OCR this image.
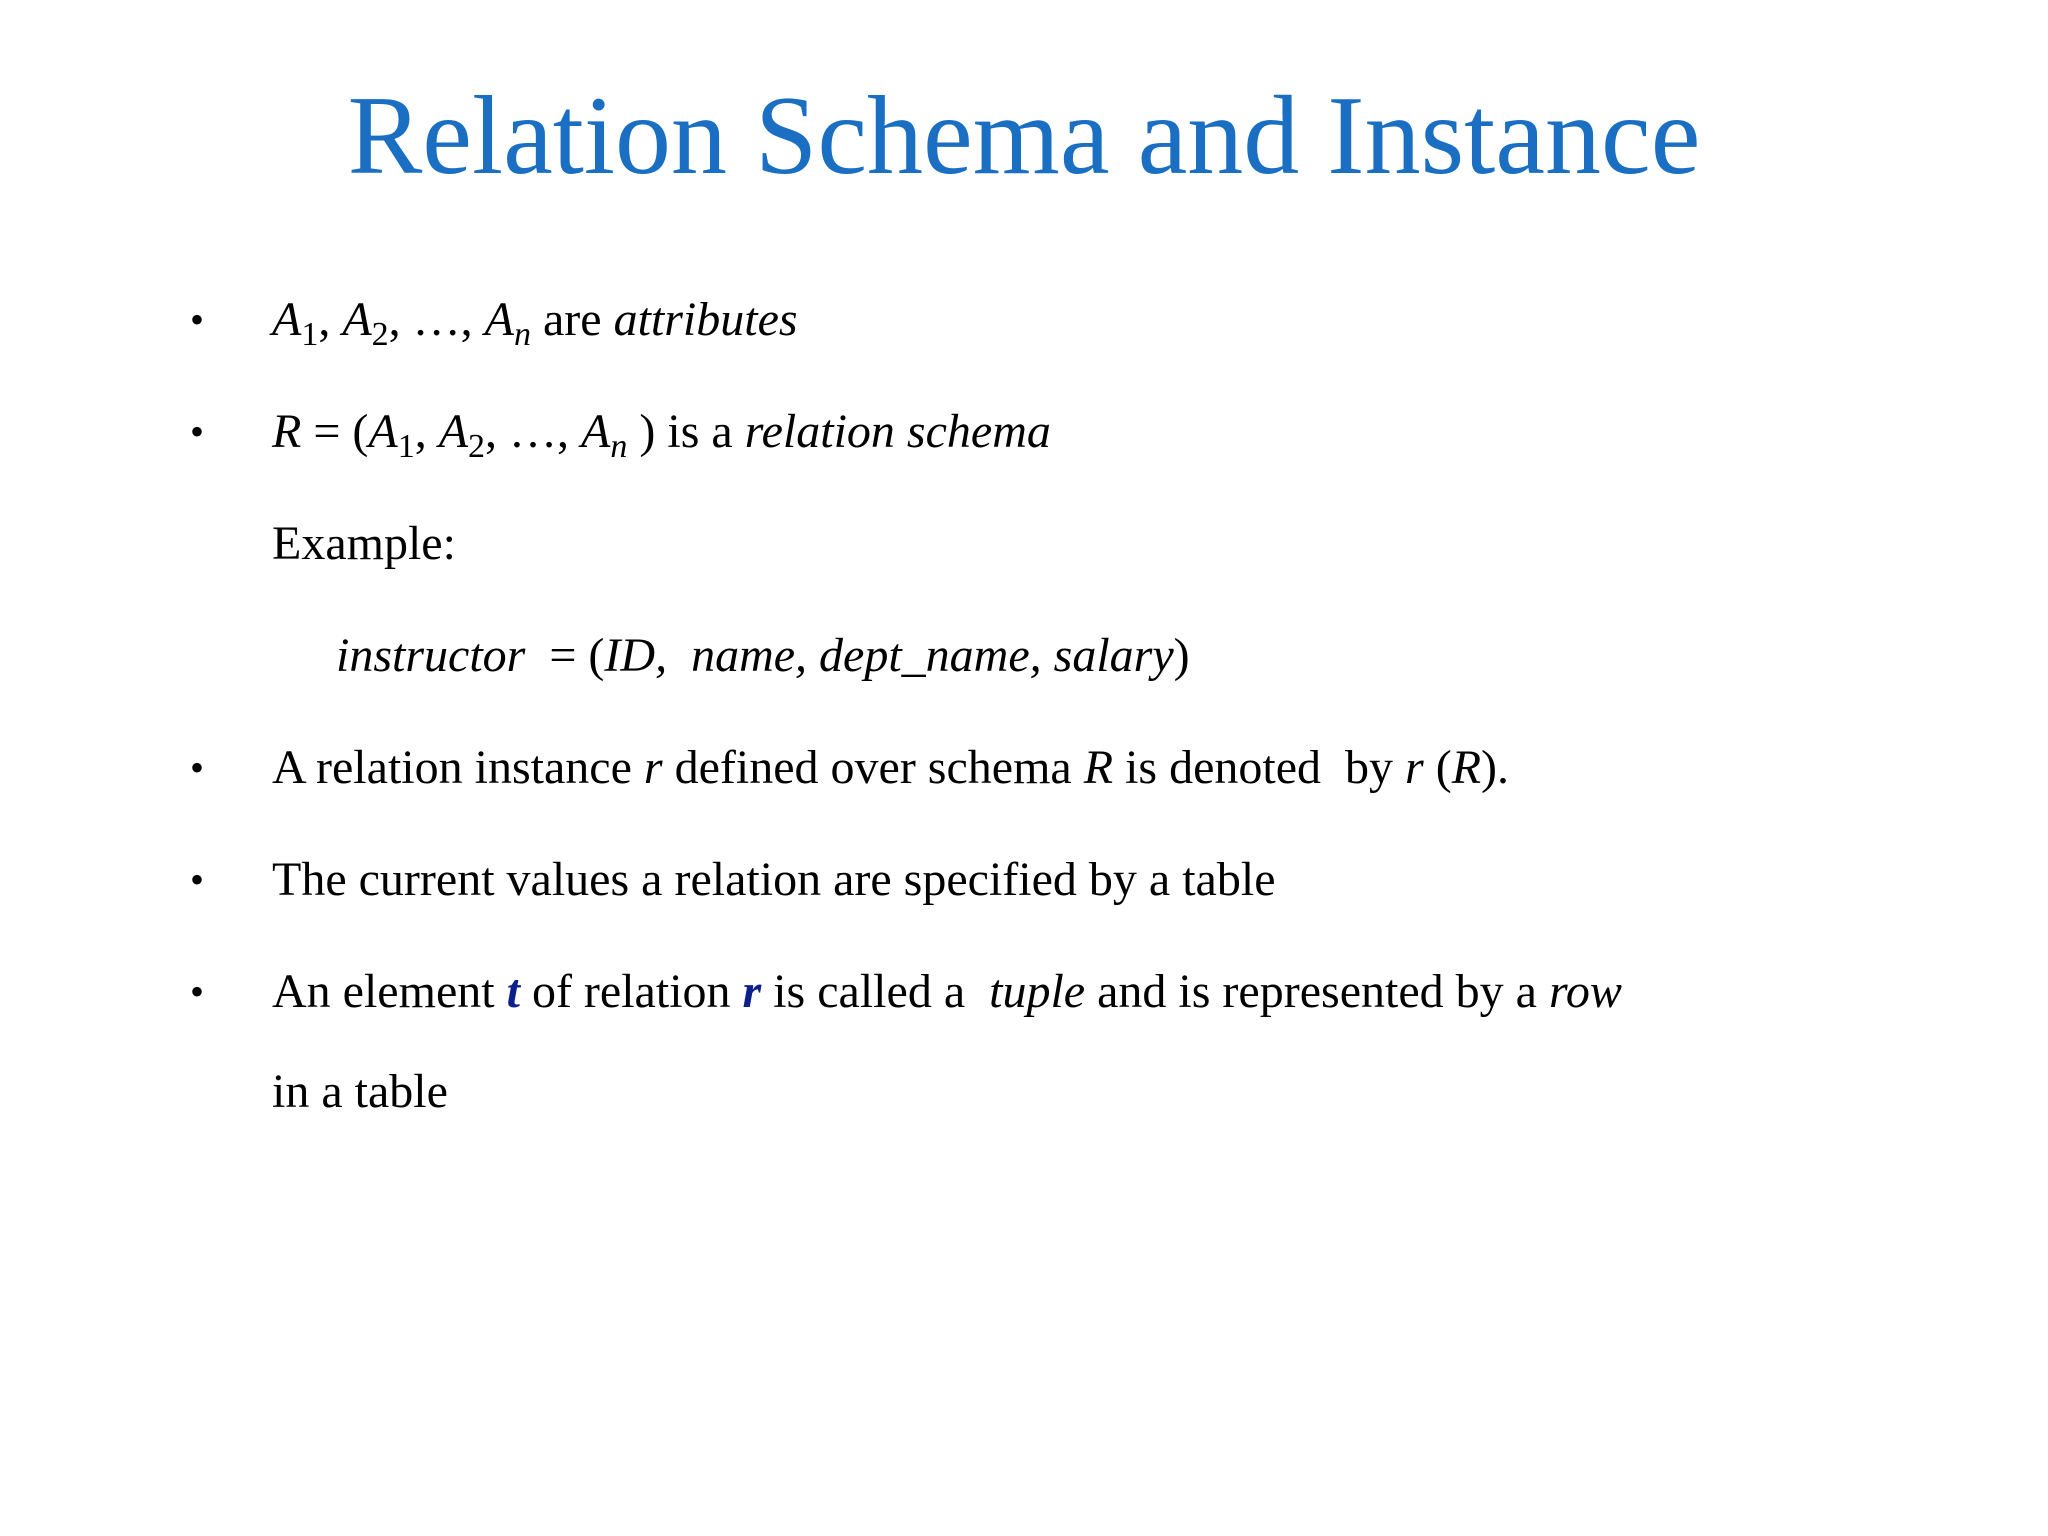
Relation Schema and Instance
• $A_1$, $A_2$, …, $A_n$ are attributes
• $R = (A_1$, $A_2$, …, $A_n$ ) is a relation schema
Example:
instructor  = (ID,  name, dept_name, salary)
• A relation instance r defined over schema R is denoted  by r (R).
• The current values a relation are specified by a table
• An element t of relation r is called a  tuple and is represented by a row
in a table
